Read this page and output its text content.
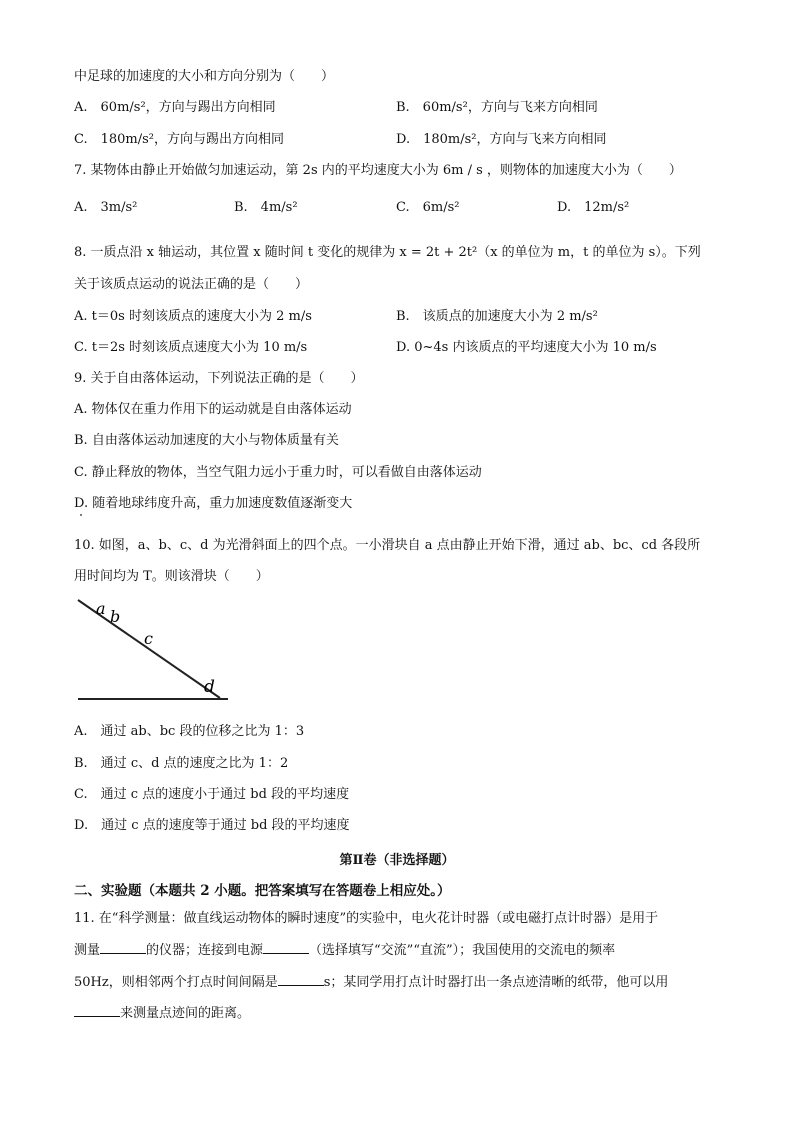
中足球的加速度的大小和方向分别为（　　）
A.　60m/s²，方向与踢出方向相同	B.　60m/s²，方向与飞来方向相同
C.　180m/s²，方向与踢出方向相同	D.　180m/s²，方向与飞来方向相同
7. 某物体由静止开始做匀加速运动，第 2s 内的平均速度大小为 6m / s ，则物体的加速度大小为（　　）
A.　3m/s²	B.　4m/s²	C.　6m/s²	D.　12m/s²
8. 一质点沿 x 轴运动，其位置 x 随时间 t 变化的规律为 x = 2t + 2t²（x 的单位为 m，t 的单位为 s）。下列
关于该质点运动的说法正确的是（　　）
A. t＝0s 时刻该质点的速度大小为 2 m/s	B.　该质点的加速度大小为 2 m/s²
C. t＝2s 时刻该质点速度大小为 10 m/s	D. 0~4s 内该质点的平均速度大小为 10 m/s
9. 关于自由落体运动，下列说法正确的是（　　）
A. 物体仅在重力作用下的运动就是自由落体运动
B. 自由落体运动加速度的大小与物体质量有关
C. 静止释放的物体，当空气阻力远小于重力时，可以看做自由落体运动
D. 随着地球纬度升高，重力加速度数值逐渐变大
10. 如图，a、b、c、d 为光滑斜面上的四个点。一小滑块自 a 点由静止开始下滑，通过 ab、bc、cd 各段所
用时间均为 T。则该滑块（　　）
a b
c
d
A.　通过 ab、bc 段的位移之比为 1：3
B.　通过 c、d 点的速度之比为 1：2
C.　通过 c 点的速度小于通过 bd 段的平均速度
D.　通过 c 点的速度等于通过 bd 段的平均速度
第Ⅱ卷（非选择题）
二、实验题（本题共 2 小题。把答案填写在答题卷上相应处。）
11. 在“科学测量：做直线运动物体的瞬时速度”的实验中，电火花计时器（或电磁打点计时器）是用于
测量	的仪器；连接到电源	（选择填写“交流”“直流”）；我国使用的交流电的频率
50Hz，则相邻两个打点时间间隔是	s；某同学用打点计时器打出一条点迹清晰的纸带，他可以用
来测量点迹间的距离。
